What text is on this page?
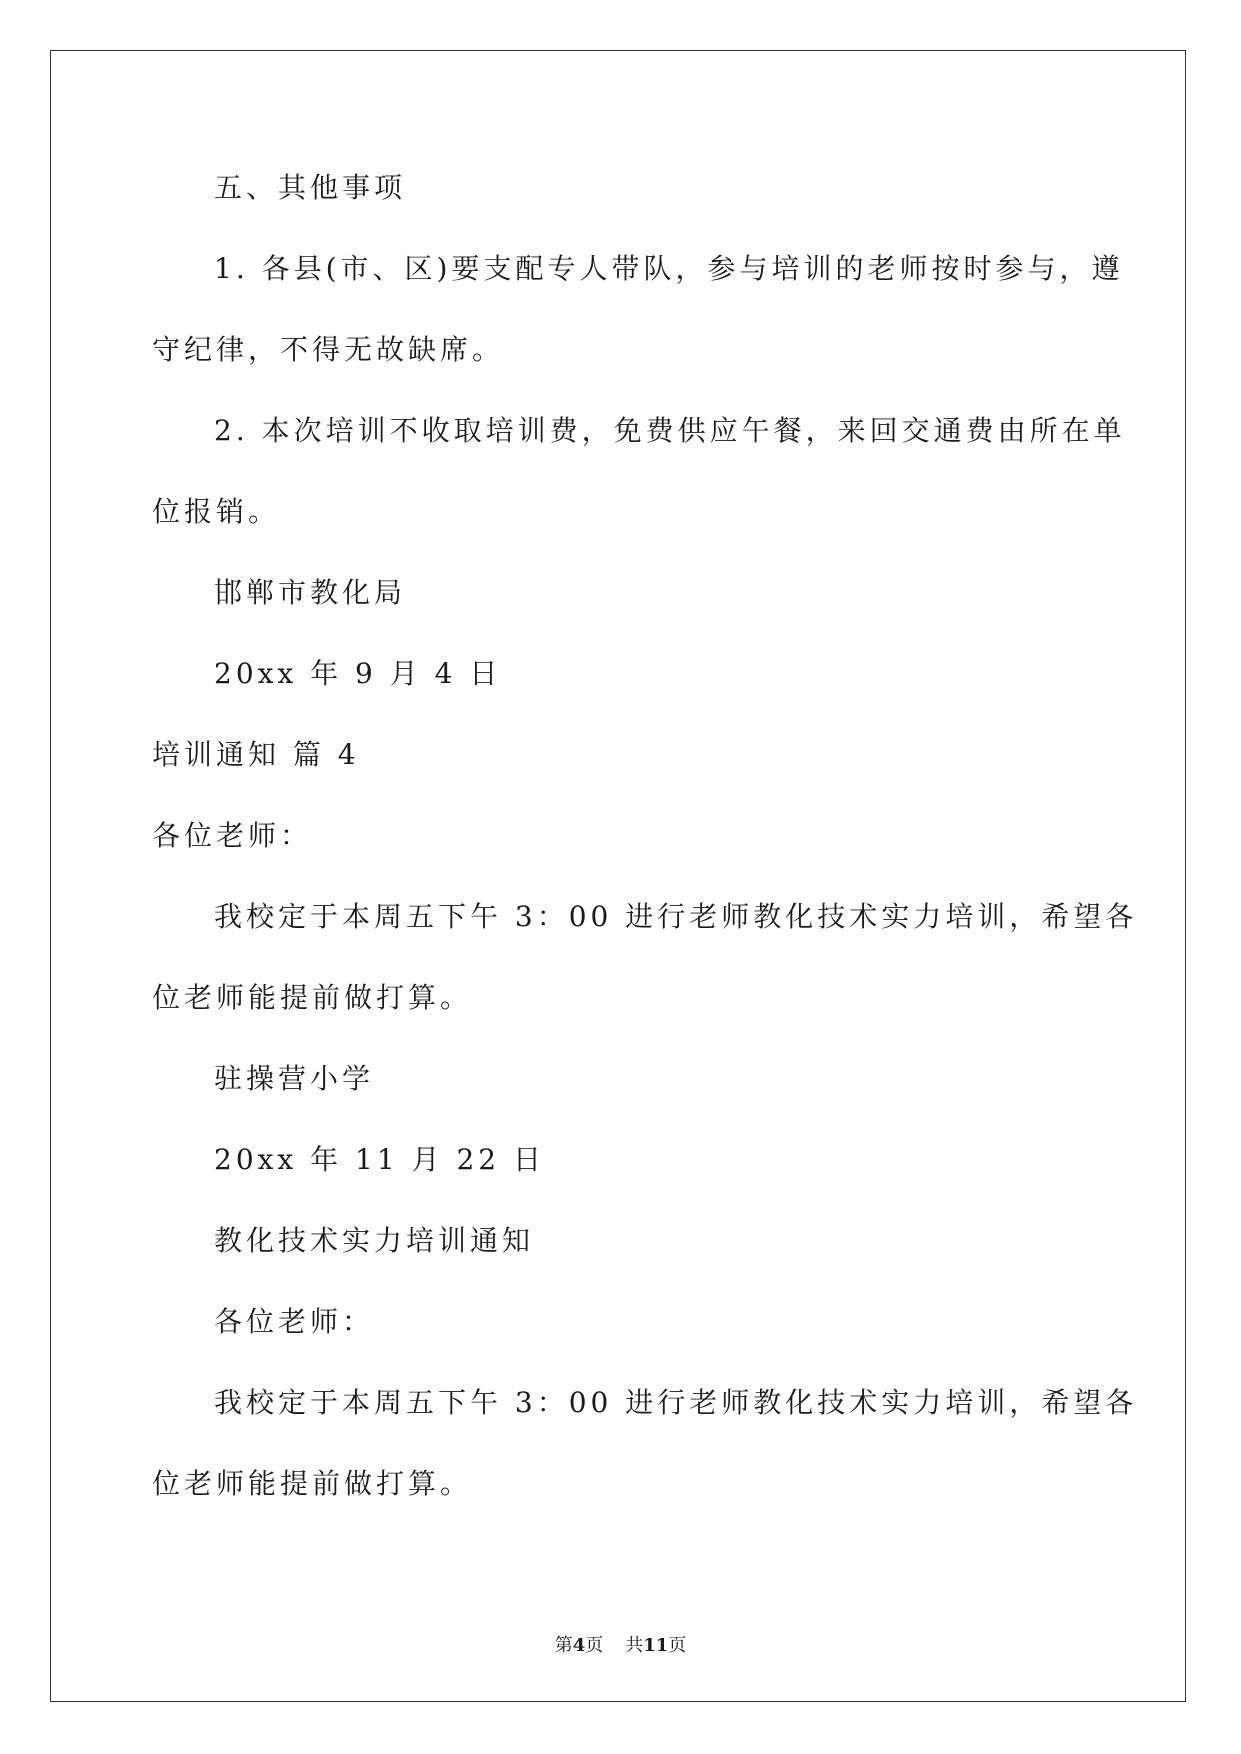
五、其他事项
1. 各县(市、区)要支配专人带队，参与培训的老师按时参与，遵
守纪律，不得无故缺席。
2. 本次培训不收取培训费，免费供应午餐，来回交通费由所在单
位报销。
邯郸市教化局
20xx 年 9 月 4 日
培训通知 篇 4
各位老师：
我校定于本周五下午 3：00 进行老师教化技术实力培训，希望各
位老师能提前做打算。
驻操营小学
20xx 年 11 月 22 日
教化技术实力培训通知
各位老师：
我校定于本周五下午 3：00 进行老师教化技术实力培训，希望各
位老师能提前做打算。
第4页 共11页
